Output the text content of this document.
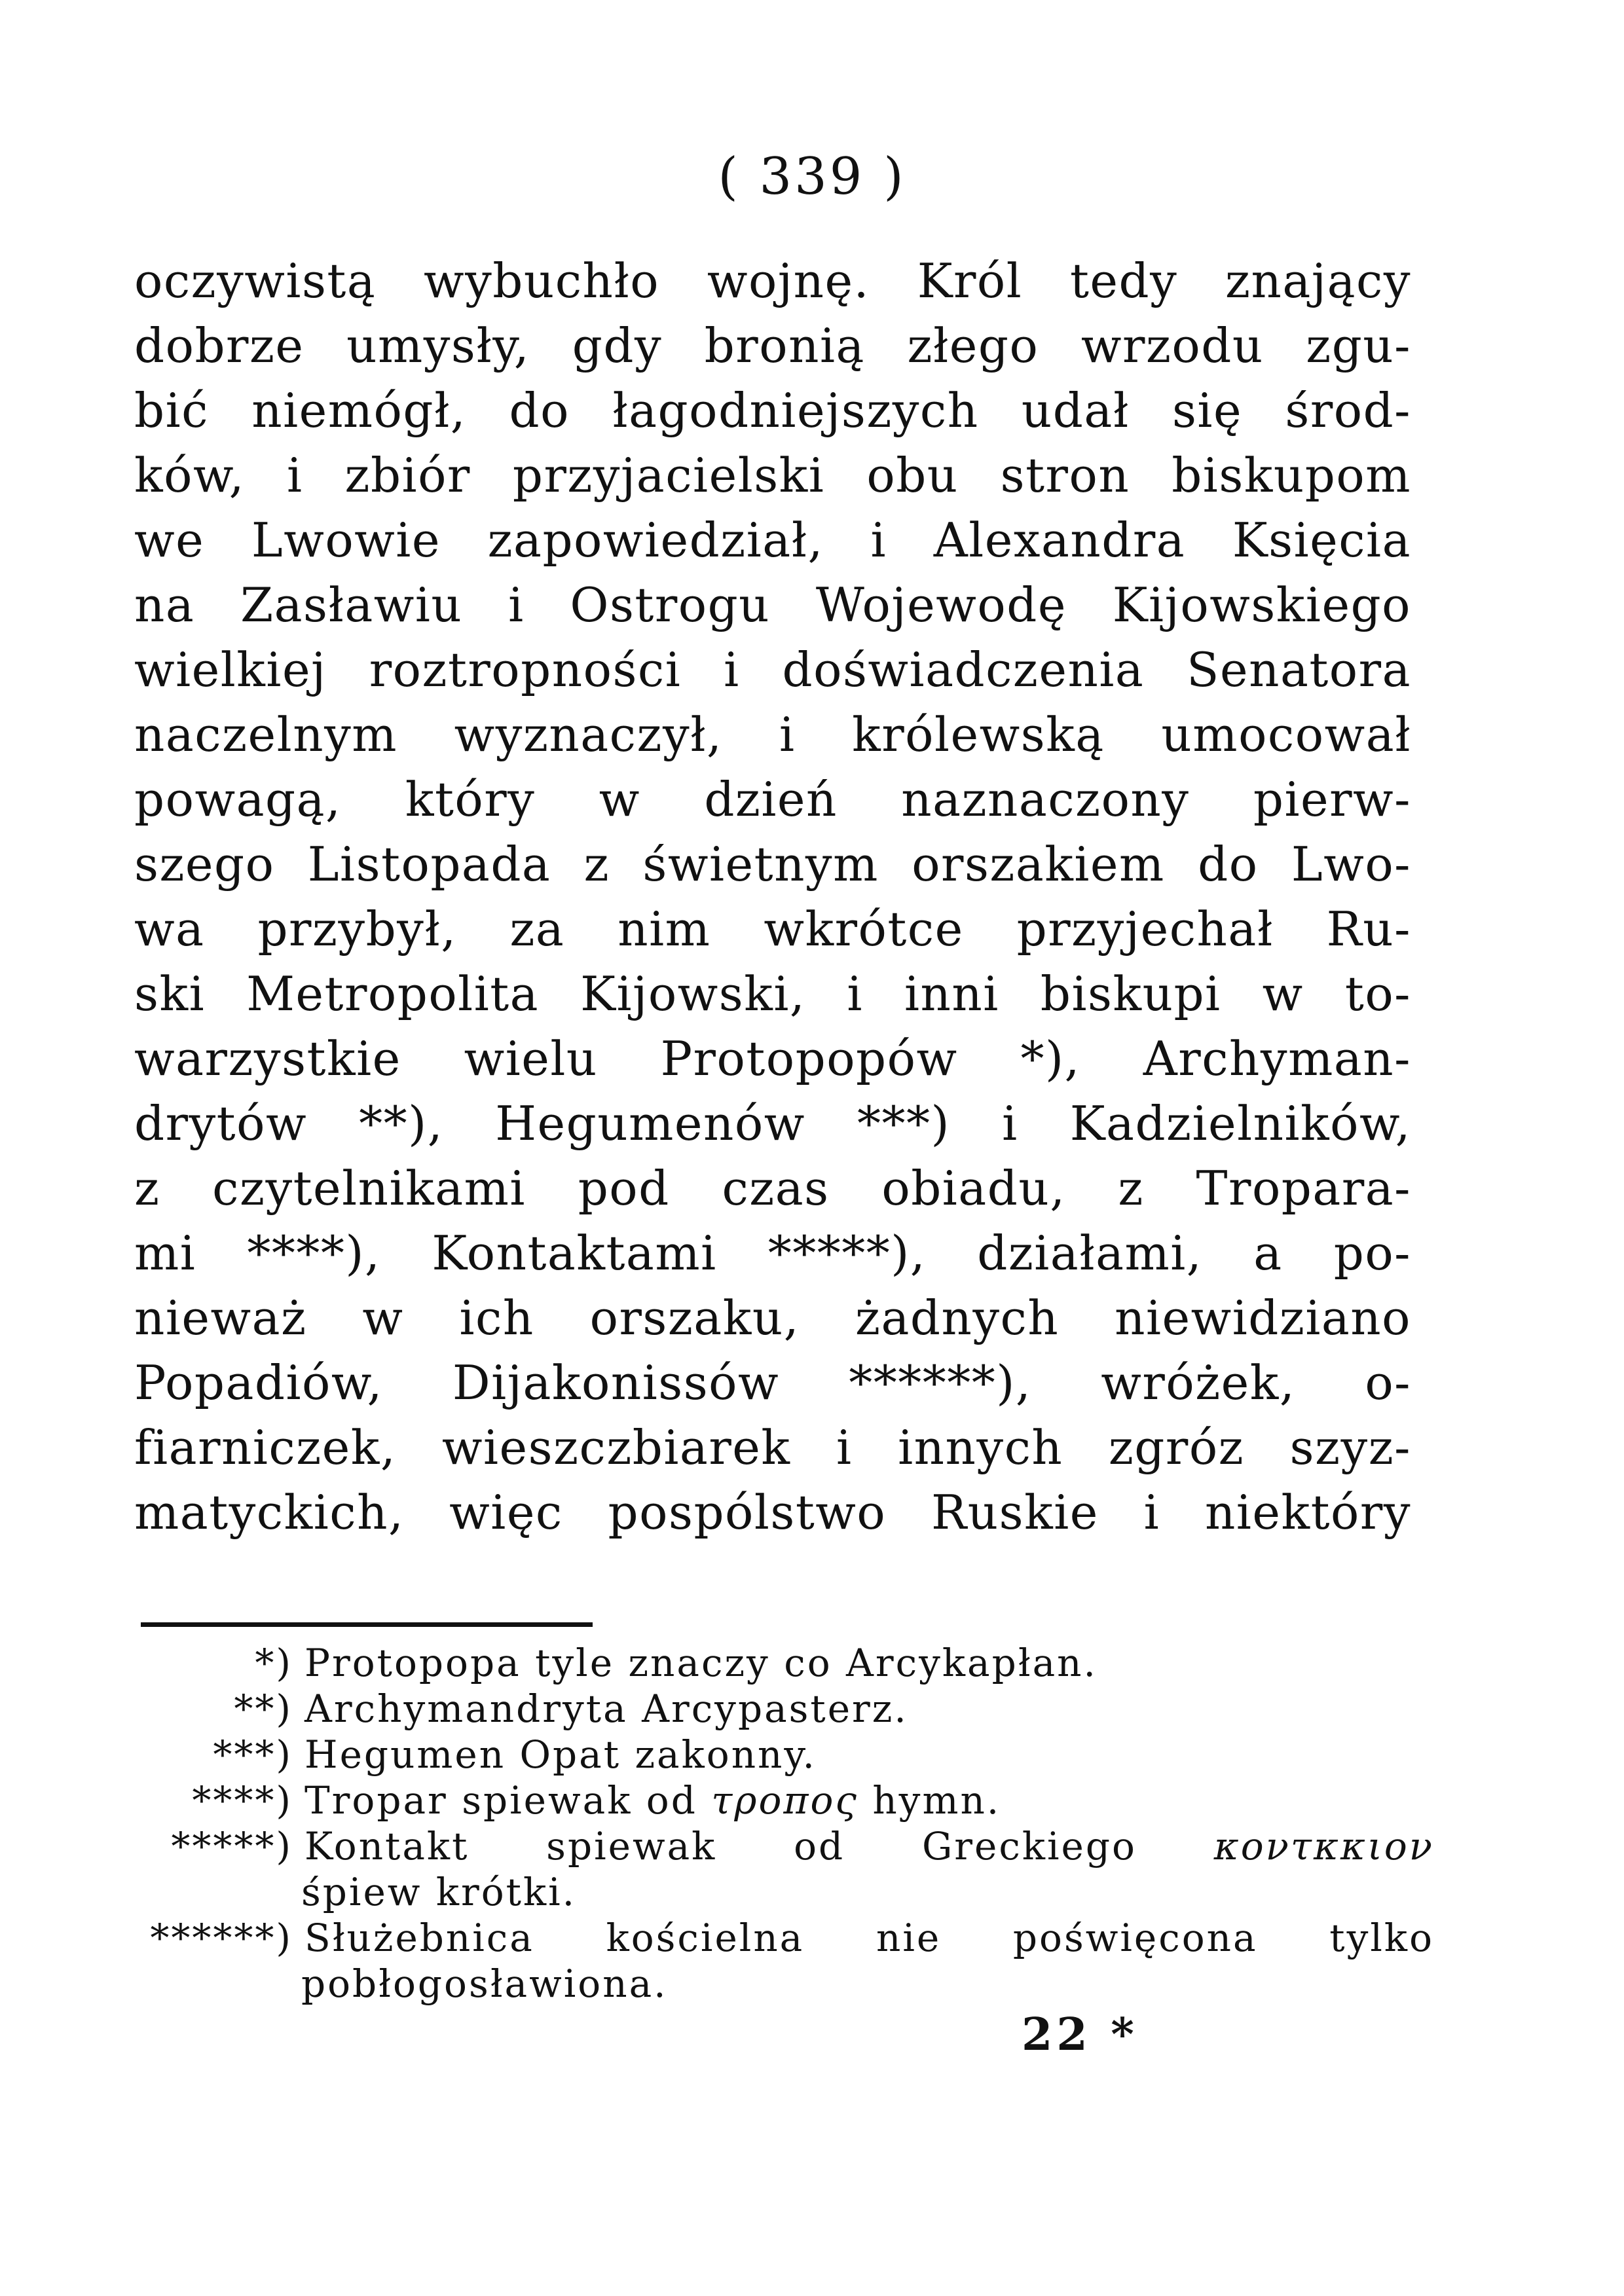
( 339 )
oczywistą wybuchło wojnę. Król tedy znający
dobrze umysły, gdy bronią złego wrzodu zgu-
bić niemógł, do łagodniejszych udał się środ-
ków, i zbiór przyjacielski obu stron biskupom
we Lwowie zapowiedział, i Alexandra Księcia
na Zasławiu i Ostrogu Wojewodę Kijowskiego
wielkiej roztropności i doświadczenia Senatora
naczelnym wyznaczył, i królewską umocował
powagą, który w dzień naznaczony pierw-
szego Listopada z świetnym orszakiem do Lwo-
wa przybył, za nim wkrótce przyjechał Ru-
ski Metropolita Kijowski, i inni biskupi w to-
warzystkie wielu Protopopów *), Archyman-
drytów **), Hegumenów ***) i Kadzielników,
z czytelnikami pod czas obiadu, z Troparа-
mi ****), Kontaktami *****), działami, a po-
nieważ w ich orszaku, żadnych niewidziano
Popadiów, Dijakonissów ******), wróżek, o-
fiarniczek, wieszczbiarek i innych zgróz szyz-
matyckich, więc pospólstwo Ruskie i niektóry
*) Protopopa tyle znaczy co Arcykapłan.
**) Archymandryta Arcypasterz.
***) Hegumen Opat zakonny.
****) Tropar spiewak od τροπος hymn.
*****) Kontakt spiewak od Greckiego κοντκκιον
śpiew krótki.
******) Służebnica kościelna nie poświęcona tylko
pobłogosławiona.
22 *
